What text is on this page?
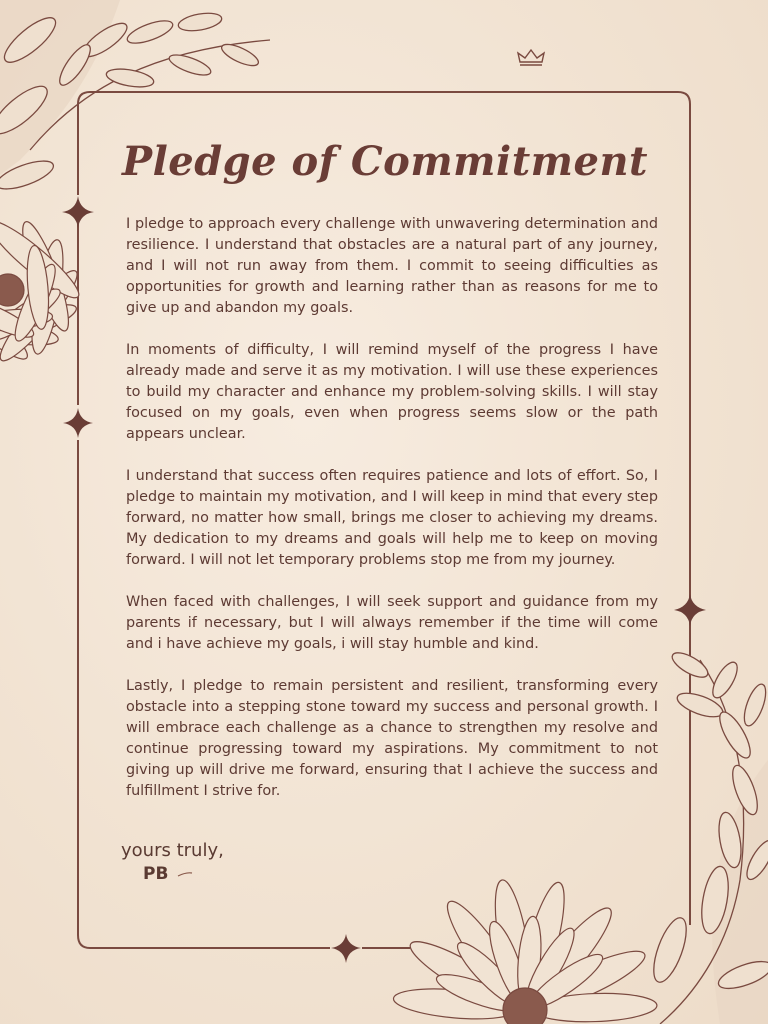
Pledge of Commitment

I pledge to approach every challenge with unwavering determination and resilience. I understand that obstacles are a natural part of any journey, and I will not run away from them. I commit to seeing difficulties as opportunities for growth and learning rather than as reasons for me to give up and abandon my goals.

In moments of difficulty, I will remind myself of the progress I have already made and serve it as my motivation. I will use these experiences to build my character and enhance my problem-solving skills. I will stay focused on my goals, even when progress seems slow or the path appears unclear.

I understand that success often requires patience and lots of effort. So, I pledge to maintain my motivation, and I will keep in mind that every step forward, no matter how small, brings me closer to achieving my dreams. My dedication to my dreams and goals will help me to keep on moving forward. I will not let temporary problems stop me from my journey.

When faced with challenges, I will seek support and guidance from my parents if necessary, but I will always remember if the time will come and i have achieve my goals, i will stay humble and kind.

Lastly, I pledge to remain persistent and resilient, transforming every obstacle into a stepping stone toward my success and personal growth. I will embrace each challenge as a chance to strengthen my resolve and continue progressing toward my aspirations. My commitment to not giving up will drive me forward, ensuring that I achieve the success and fulfillment I strive for.

yours truly,
PB
